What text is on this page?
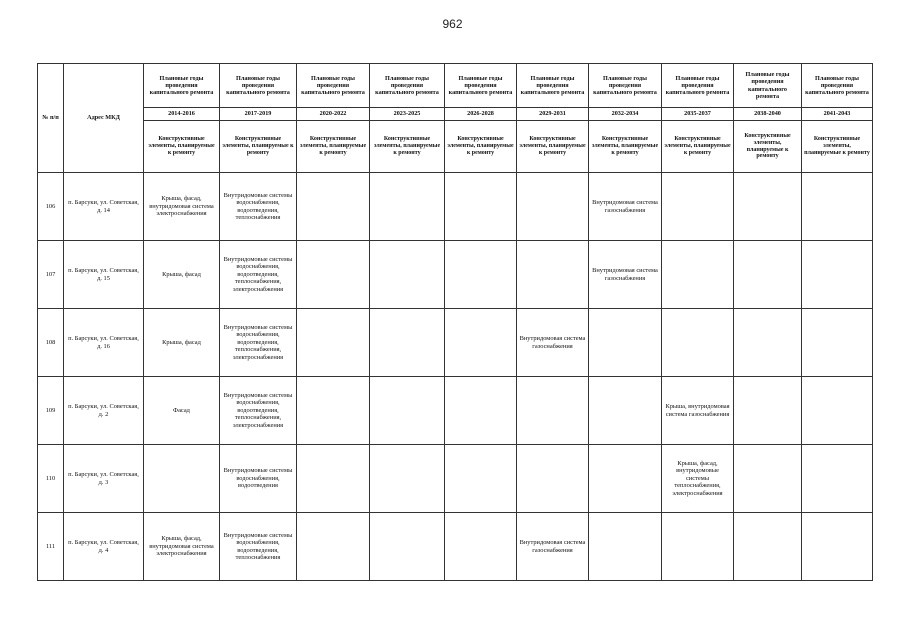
962
№ п/п	Адрес МКД	Плановые годы проведения капитального ремонта	Плановые годы проведения капитального ремонта	Плановые годы проведения капитального ремонта	Плановые годы проведения капитального ремонта	Плановые годы проведения капитального ремонта	Плановые годы проведения капитального ремонта	Плановые годы проведения капитального ремонта	Плановые годы проведения капитального ремонта	Плановые годы проведения капитального ремонта	Плановые годы проведения капитального ремонта
		2014-2016	2017-2019	2020-2022	2023-2025	2026-2028	2029-2031	2032-2034	2035-2037	2038-2040	2041-2043
		Конструктивные элементы, планируемые к ремонту	Конструктивные элементы, планируемые к ремонту	Конструктивные элементы, планируемые к ремонту	Конструктивные элементы, планируемые к ремонту	Конструктивные элементы, планируемые к ремонту	Конструктивные элементы, планируемые к ремонту	Конструктивные элементы, планируемые к ремонту	Конструктивные элементы, планируемые к ремонту	Конструктивные элементы, планируемые к ремонту	Конструктивные элементы, планируемые к ремонту
106	п. Барсуки, ул. Советская, д. 14	Крыша, фасад, внутридомовая система электроснабжения	Внутридомовые системы водоснабжения, водоотведения, теплоснабжения					Внутридомовая система газоснабжения			
107	п. Барсуки, ул. Советская, д. 15	Крыша, фасад	Внутридомовые системы водоснабжения, водоотведения, теплоснабжения, электроснабжения					Внутридомовая система газоснабжения			
108	п. Барсуки, ул. Советская, д. 16	Крыша, фасад	Внутридомовые системы водоснабжения, водоотведения, теплоснабжения, электроснабжения				Внутридомовая система газоснабжения				
109	п. Барсуки, ул. Советская, д. 2	Фасад	Внутридомовые системы водоснабжения, водоотведения, теплоснабжения, электроснабжения						Крыша, внутридомовая система газоснабжения		
110	п. Барсуки, ул. Советская, д. 3		Внутридомовые системы водоснабжения, водоотведения						Крыша, фасад, внутридомовые системы теплоснабжения, электроснабжения		
111	п. Барсуки, ул. Советская, д. 4	Крыша, фасад, внутридомовая система электроснабжения	Внутридомовые системы водоснабжения, водоотведения, теплоснабжения				Внутридомовая система газоснабжения				
